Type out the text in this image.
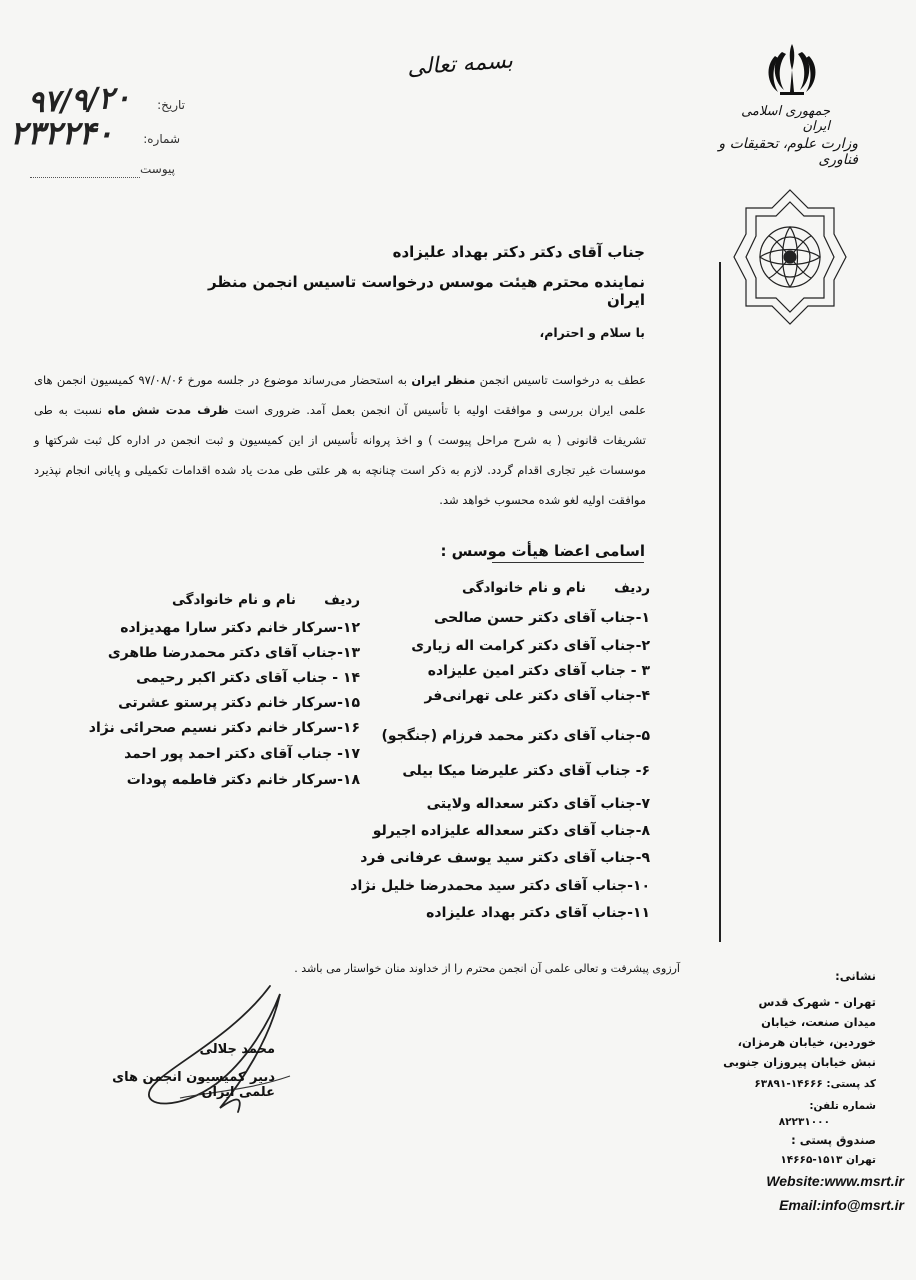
بسمه تعالی
جمهوری اسلامی ایران
وزارت علوم، تحقیقات و فناوری
تاریخ:
۹۷/۹/۲۰
شماره:
۲۳۲۲۴۰
پیوست
جناب آقای دکتر دکتر بهداد علیزاده
نماینده محترم هیئت موسس درخواست تاسیس انجمن منظر ایران
با سلام و احترام،
عطف به درخواست تاسیس انجمن منظر ایران به استحضار می‌رساند موضوع در جلسه مورخ ۹۷/۰۸/۰۶ کمیسیون انجمن های علمی ایران بررسی و موافقت اولیه با تأسیس آن انجمن بعمل آمد. ضروری است ظرف مدت شش ماه نسبت به طی تشریفات قانونی ( به شرح مراحل پیوست ) و اخذ پروانه تأسیس از این کمیسیون و ثبت انجمن در اداره کل ثبت شرکتها و موسسات غیر تجاری اقدام گردد. لازم به ذکر است چنانچه به هر علتی طی مدت یاد شده اقدامات تکمیلی و پایانی انجام نپذیرد موافقت اولیه لغو شده محسوب خواهد شد.
اسامی اعضا هیأت موسس :
ردیف      نام و نام خانوادگی
۱-جناب آقای دکتر حسن صالحی
۲-جناب آقای دکتر کرامت اله زیاری
۳ - جناب آقای دکتر امین علیزاده
۴-جناب آقای دکتر علی تهرانی‌فر
۵-جناب آقای دکتر محمد فرزام (جنگجو)
۶- جناب آقای دکتر علیرضا میکا بیلی
۷-جناب آقای دکتر سعداله ولایتی
۸-جناب آقای دکتر سعداله علیزاده اجیرلو
۹-جناب آقای دکتر سید یوسف عرفانی فرد
۱۰-جناب آقای دکتر سید محمدرضا خلیل نژاد
۱۱-جناب آقای دکتر بهداد علیزاده
ردیف      نام و نام خانوادگی
۱۲-سرکار خانم دکتر سارا مهدیزاده
۱۳-جناب آقای دکتر محمدرضا طاهری
۱۴ - جناب آقای دکتر اکبر رحیمی
۱۵-سرکار خانم دکتر پرستو عشرتی
۱۶-سرکار خانم دکتر نسیم صحرائی نژاد
۱۷- جناب آقای دکتر احمد پور احمد
۱۸-سرکار خانم دکتر فاطمه پودات
آرزوی پیشرفت و تعالی علمی آن انجمن محترم را از خداوند منان خواستار می باشد .
محمد جلالی
دبیر کمیسیون انجمن های علمی ایران
نشانی:
تهران - شهرک قدس
میدان صنعت، خیابان
خوردین، خیابان هرمزان،
نبش خیابان پیروزان جنوبی
کد پستی: ۱۴۶۶۶-۶۳۸۹۱
شماره تلفن:
۸۲۲۳۱۰۰۰
صندوق پستی :
تهران ۱۵۱۳-۱۴۶۶۵
Website:www.msrt.ir
Email:info@msrt.ir
